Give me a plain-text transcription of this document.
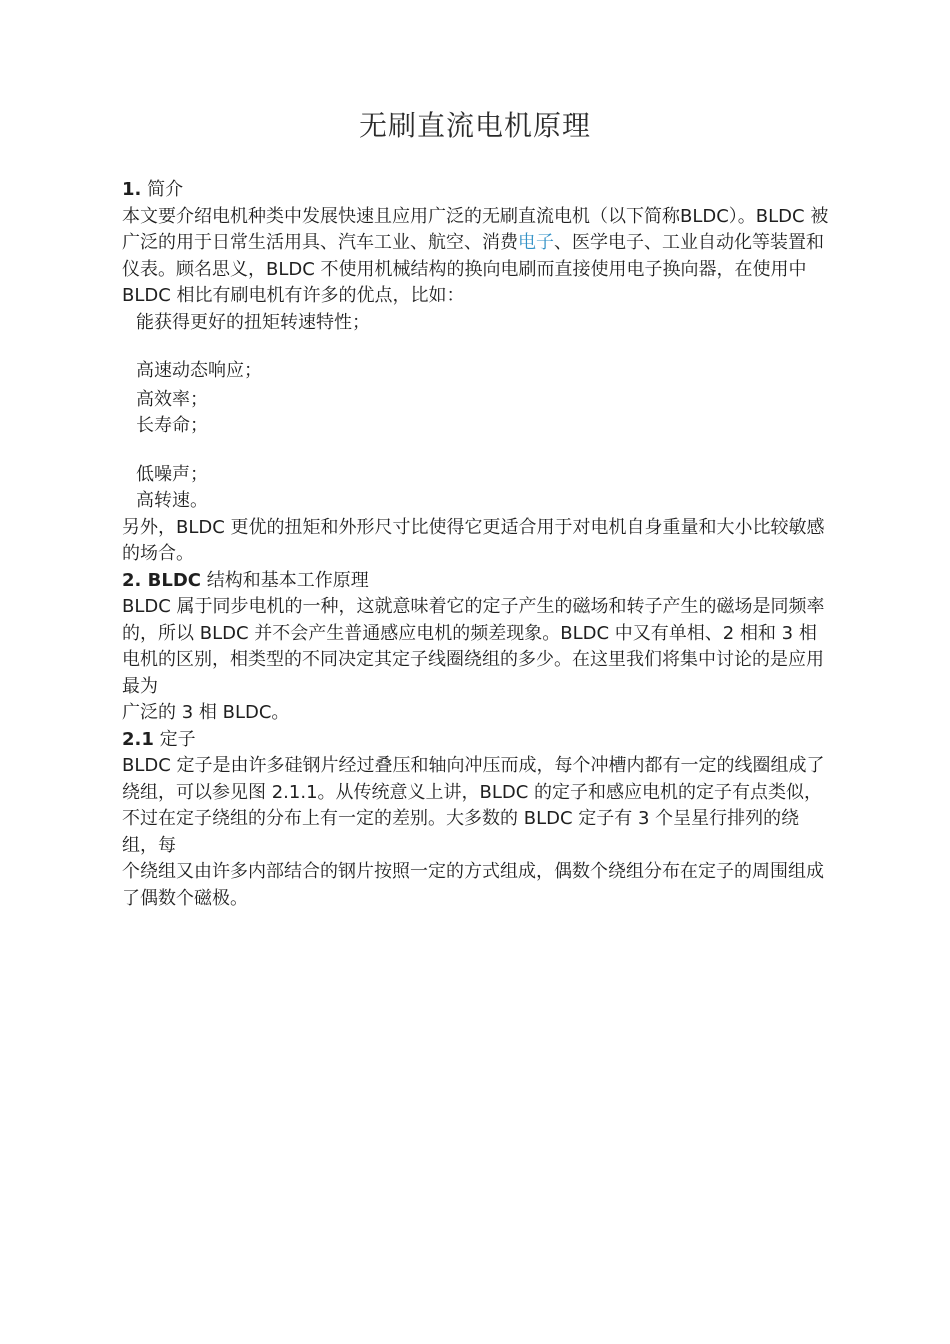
无刷直流电机原理

1. 简介

本文要介绍电机种类中发展快速且应用广泛的无刷直流电机（以下简称BLDC）。BLDC 被广泛的用于日常生活用具、汽车工业、航空、消费电子、医学电子、工业自动化等装置和仪表。顾名思义，BLDC 不使用机械结构的换向电刷而直接使用电子换向器，在使用中 BLDC 相比有刷电机有许多的优点，比如：

能获得更好的扭矩转速特性；

高速动态响应；

高效率；

长寿命；

低噪声；

高转速。

另外，BLDC 更优的扭矩和外形尺寸比使得它更适合用于对电机自身重量和大小比较敏感的场合。

2. BLDC 结构和基本工作原理

BLDC 属于同步电机的一种，这就意味着它的定子产生的磁场和转子产生的磁场是同频率的，所以 BLDC 并不会产生普通感应电机的频差现象。BLDC 中又有单相、2 相和 3 相电机的区别，相类型的不同决定其定子线圈绕组的多少。在这里我们将集中讨论的是应用最为

广泛的 3 相 BLDC。

2.1 定子

BLDC 定子是由许多硅钢片经过叠压和轴向冲压而成，每个冲槽内都有一定的线圈组成了绕组，可以参见图 2.1.1。从传统意义上讲，BLDC 的定子和感应电机的定子有点类似，不过在定子绕组的分布上有一定的差别。大多数的 BLDC 定子有 3 个呈星行排列的绕组，每

个绕组又由许多内部结合的钢片按照一定的方式组成，偶数个绕组分布在定子的周围组成了偶数个磁极。
